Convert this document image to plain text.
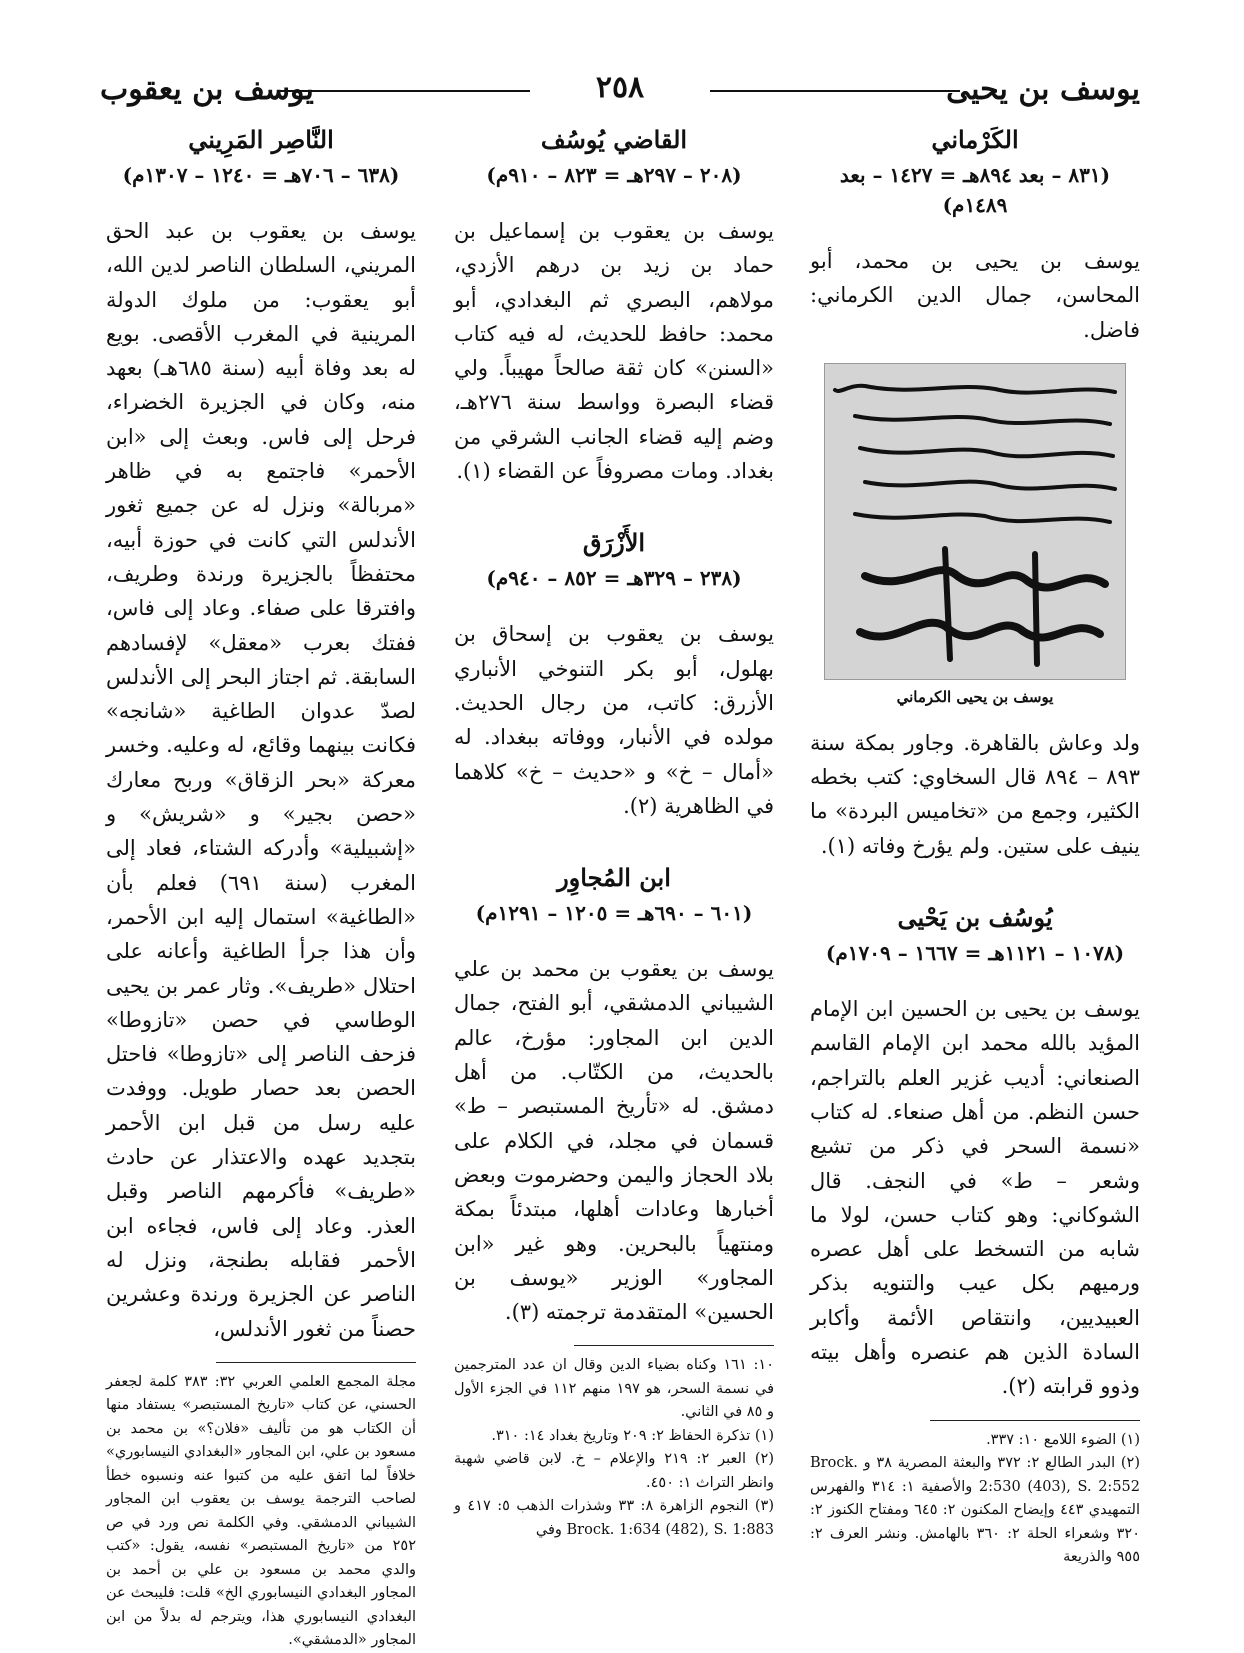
يوسف بن يحيى
٢٥٨
يوسف بن يعقوب
الكَرْماني
(٨٣١ – بعد ٨٩٤هـ = ١٤٢٧ – بعد ١٤٨٩م)

يوسف بن يحيى بن محمد، أبو المحاسن، جمال الدين الكرماني: فاضل.

يوسف بن يحيى الكرماني

ولد وعاش بالقاهرة. وجاور بمكة سنة ٨٩٣ – ٨٩٤ قال السخاوي: كتب بخطه الكثير، وجمع من «تخاميس البردة» ما ينيف على ستين. ولم يؤرخ وفاته (١).

يُوسُف بن يَحْيى
(١٠٧٨ – ١١٢١هـ = ١٦٦٧ – ١٧٠٩م)

يوسف بن يحيى بن الحسين ابن الإمام المؤيد بالله محمد ابن الإمام القاسم الصنعاني: أديب غزير العلم بالتراجم، حسن النظم. من أهل صنعاء. له كتاب «نسمة السحر في ذكر من تشيع وشعر – ط» في النجف. قال الشوكاني: وهو كتاب حسن، لولا ما شابه من التسخط على أهل عصره ورميهم بكل عيب والتنويه بذكر العبيديين، وانتقاص الأئمة وأكابر السادة الذين هم عنصره وأهل بيته وذوو قرابته (٢).

(١) الضوء اللامع ١٠: ٣٣٧.

(٢) البدر الطالع ٢: ٣٧٢ والبعثة المصرية ٣٨ و Brock. 2:530 (403), S. 2:552 والأصفية ١: ٣١٤ والفهرس التمهيدي ٤٤٣ وإيضاح المكنون ٢: ٦٤٥ ومفتاح الكنوز ٢: ٣٢٠ وشعراء الحلة ٢: ٣٦٠ بالهامش. ونشر العرف ٢: ٩٥٥ والذريعة

القاضي يُوسُف
(٢٠٨ – ٢٩٧هـ = ٨٢٣ – ٩١٠م)

يوسف بن يعقوب بن إسماعيل بن حماد بن زيد بن درهم الأزدي، مولاهم، البصري ثم البغدادي، أبو محمد: حافظ للحديث، له فيه كتاب «السنن» كان ثقة صالحاً مهيباً. ولي قضاء البصرة وواسط سنة ٢٧٦هـ، وضم إليه قضاء الجانب الشرقي من بغداد. ومات مصروفاً عن القضاء (١).

الأَزْرَق
(٢٣٨ – ٣٢٩هـ = ٨٥٢ – ٩٤٠م)

يوسف بن يعقوب بن إسحاق بن بهلول، أبو بكر التنوخي الأنباري الأزرق: كاتب، من رجال الحديث. مولده في الأنبار، ووفاته ببغداد. له «أمال – خ» و «حديث – خ» كلاهما في الظاهرية (٢).

ابن المُجاوِر
(٦٠١ – ٦٩٠هـ = ١٢٠٥ – ١٢٩١م)

يوسف بن يعقوب بن محمد بن علي الشيباني الدمشقي، أبو الفتح، جمال الدين ابن المجاور: مؤرخ، عالم بالحديث، من الكتّاب. من أهل دمشق. له «تأريخ المستبصر – ط» قسمان في مجلد، في الكلام على بلاد الحجاز واليمن وحضرموت وبعض أخبارها وعادات أهلها، مبتدئاً بمكة ومنتهياً بالبحرين. وهو غير «ابن المجاور» الوزير «يوسف بن الحسين» المتقدمة ترجمته (٣).

١٠: ١٦١ وكناه بضياء الدين وقال ان عدد المترجمين في نسمة السحر، هو ١٩٧ منهم ١١٢ في الجزء الأول و ٨٥ في الثاني.

(١) تذكرة الحفاظ ٢: ٢٠٩ وتاريخ بغداد ١٤: ٣١٠.

(٢) العبر ٢: ٢١٩ والإعلام – خ. لابن قاضي شهبة وانظر التراث ١: ٤٥٠.

(٣) النجوم الزاهرة ٨: ٣٣ وشذرات الذهب ٥: ٤١٧ و Brock. 1:634 (482), S. 1:883 وفي

النَّاصِر المَرِيني
(٦٣٨ – ٧٠٦هـ = ١٢٤٠ – ١٣٠٧م)

يوسف بن يعقوب بن عبد الحق المريني، السلطان الناصر لدين الله، أبو يعقوب: من ملوك الدولة المرينية في المغرب الأقصى. بويع له بعد وفاة أبيه (سنة ٦٨٥هـ) بعهد منه، وكان في الجزيرة الخضراء، فرحل إلى فاس. وبعث إلى «ابن الأحمر» فاجتمع به في ظاهر «مربالة» ونزل له عن جميع ثغور الأندلس التي كانت في حوزة أبيه، محتفظاً بالجزيرة ورندة وطريف، وافترقا على صفاء. وعاد إلى فاس، ففتك بعرب «معقل» لإفسادهم السابقة. ثم اجتاز البحر إلى الأندلس لصدّ عدوان الطاغية «شانجه» فكانت بينهما وقائع، له وعليه. وخسر معركة «بحر الزقاق» وربح معارك «حصن بجير» و «شريش» و «إشبيلية» وأدركه الشتاء، فعاد إلى المغرب (سنة ٦٩١) فعلم بأن «الطاغية» استمال إليه ابن الأحمر، وأن هذا جرأ الطاغية وأعانه على احتلال «طريف». وثار عمر بن يحيى الوطاسي في حصن «تازوطا» فزحف الناصر إلى «تازوطا» فاحتل الحصن بعد حصار طويل. ووفدت عليه رسل من قبل ابن الأحمر بتجديد عهده والاعتذار عن حادث «طريف» فأكرمهم الناصر وقبل العذر. وعاد إلى فاس، فجاءه ابن الأحمر فقابله بطنجة، ونزل له الناصر عن الجزيرة ورندة وعشرين حصناً من ثغور الأندلس،

مجلة المجمع العلمي العربي ٣٢: ٣٨٣ كلمة لجعفر الحسني، عن كتاب «تاريخ المستبصر» يستفاد منها أن الكتاب هو من تأليف «فلان؟» بن محمد بن مسعود بن علي، ابن المجاور «البغدادي النيسابوري» خلافاً لما اتفق عليه من كتبوا عنه ونسبوه خطأ لصاحب الترجمة يوسف بن يعقوب ابن المجاور الشيباني الدمشقي. وفي الكلمة نص ورد في ص ٢٥٢ من «تاريخ المستبصر» نفسه، يقول: «كتب والدي محمد بن مسعود بن علي بن أحمد بن المجاور البغدادي النيسابوري الخ» قلت: فليبحث عن البغدادي النيسابوري هذا، ويترجم له بدلاً من ابن المجاور «الدمشقي».
